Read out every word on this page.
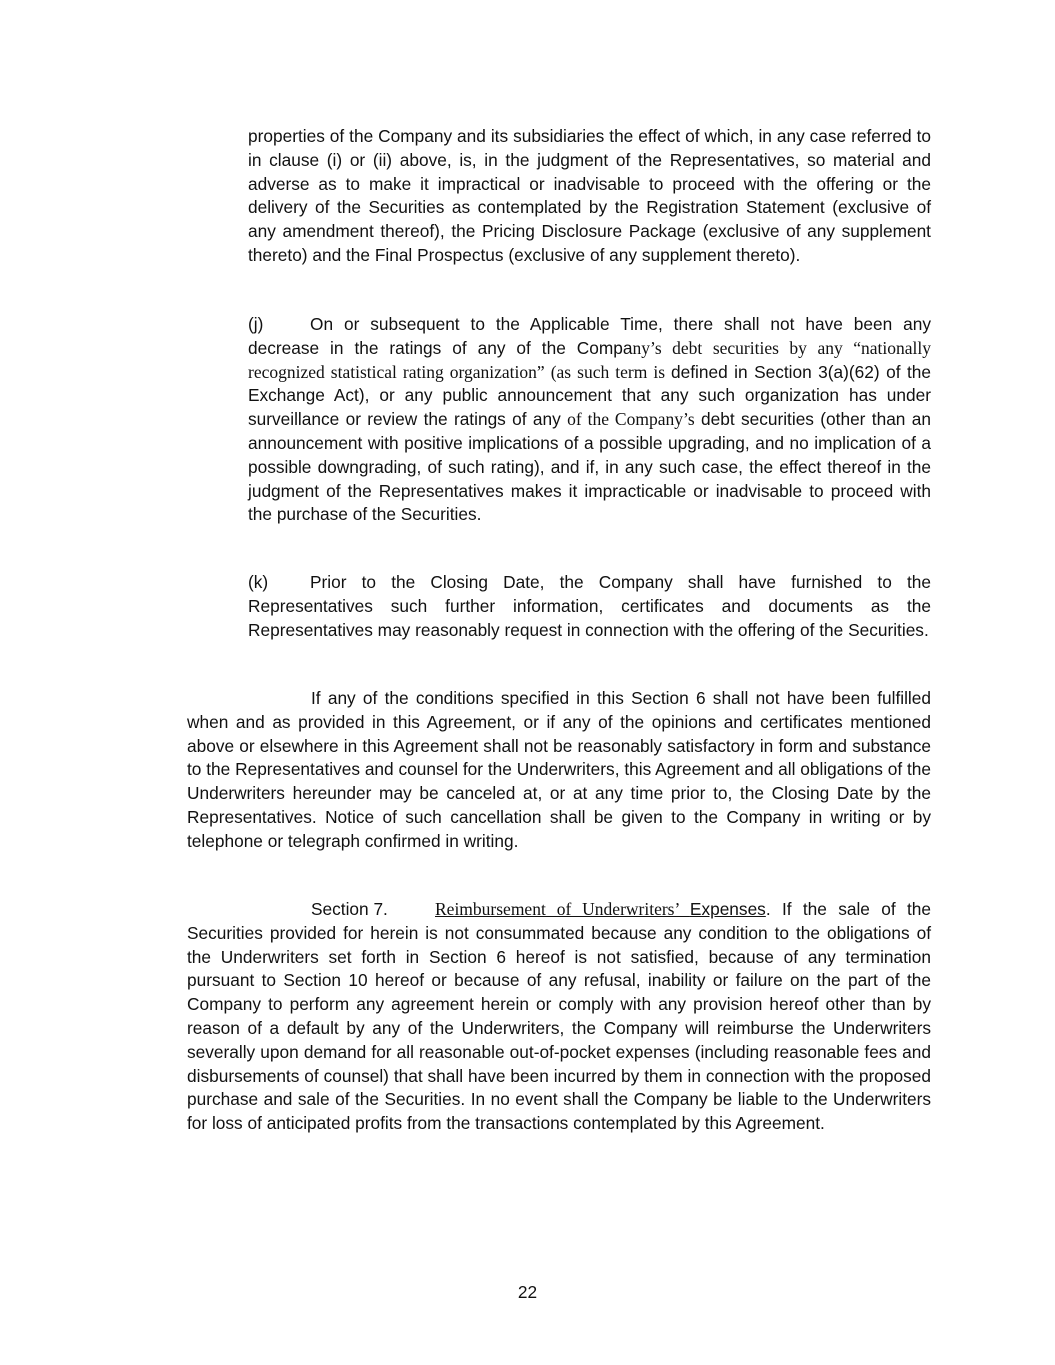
properties of the Company and its subsidiaries the effect of which, in any case referred to in clause (i) or (ii) above, is, in the judgment of the Representatives, so material and adverse as to make it impractical or inadvisable to proceed with the offering or the delivery of the Securities as contemplated by the Registration Statement (exclusive of any amendment thereof), the Pricing Disclosure Package (exclusive of any supplement thereto) and the Final Prospectus (exclusive of any supplement thereto).

(j)	On or subsequent to the Applicable Time, there shall not have been any decrease in the ratings of any of the Company’s debt securities by any “nationally recognized statistical rating organization” (as such term is defined in Section 3(a)(62) of the Exchange Act), or any public announcement that any such organization has under surveillance or review the ratings of any of the Company’s debt securities (other than an announcement with positive implications of a possible upgrading, and no implication of a possible downgrading, of such rating), and if, in any such case, the effect thereof in the judgment of the Representatives makes it impracticable or inadvisable to proceed with the purchase of the Securities.

(k) Prior to the Closing Date, the Company shall have furnished to the Representatives such further information, certificates and documents as the Representatives may reasonably request in connection with the offering of the Securities.

If any of the conditions specified in this Section 6 shall not have been fulfilled when and as provided in this Agreement, or if any of the opinions and certificates mentioned above or elsewhere in this Agreement shall not be reasonably satisfactory in form and substance to the Representatives and counsel for the Underwriters, this Agreement and all obligations of the Underwriters hereunder may be canceled at, or at any time prior to, the Closing Date by the Representatives. Notice of such cancellation shall be given to the Company in writing or by telephone or telegraph confirmed in writing.

Section 7.	Reimbursement of Underwriters’ Expenses. If the sale of the Securities provided for herein is not consummated because any condition to the obligations of the Underwriters set forth in Section 6 hereof is not satisfied, because of any termination pursuant to Section 10 hereof or because of any refusal, inability or failure on the part of the Company to perform any agreement herein or comply with any provision hereof other than by reason of a default by any of the Underwriters, the Company will reimburse the Underwriters severally upon demand for all reasonable out-of-pocket expenses (including reasonable fees and disbursements of counsel) that shall have been incurred by them in connection with the proposed purchase and sale of the Securities. In no event shall the Company be liable to the Underwriters for loss of anticipated profits from the transactions contemplated by this Agreement.

22
